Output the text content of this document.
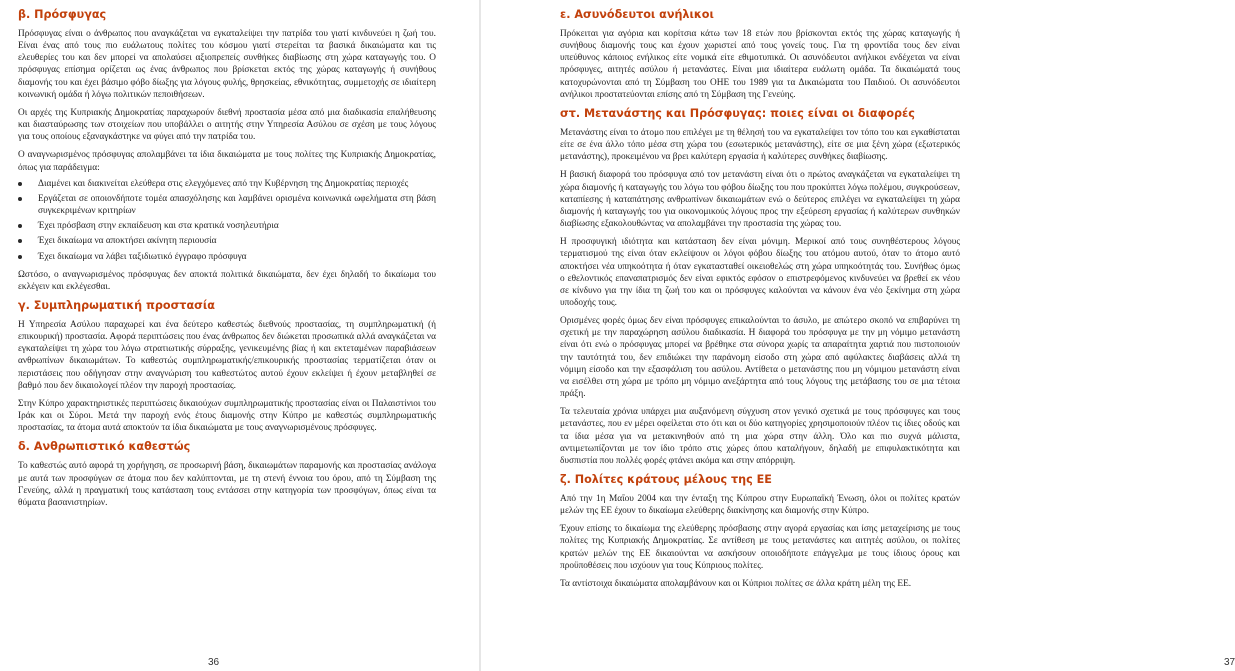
β. Πρόσφυγας

Πρόσφυγας είναι ο άνθρωπος που αναγκάζεται να εγκαταλείψει την πατρίδα του γιατί κινδυνεύει η ζωή του. Είναι ένας από τους πιο ευάλωτους πολίτες του κόσμου γιατί στερείται τα βασικά δικαιώματα και τις ελευθερίες του και δεν μπορεί να απολαύσει αξιοπρεπείς συνθήκες διαβίωσης στη χώρα καταγωγής του. Ο πρόσφυγας επίσημα ορίζεται ως ένας άνθρωπος που βρίσκεται εκτός της χώρας καταγωγής ή συνήθους διαμονής του και έχει βάσιμο φόβο δίωξης για λόγους φυλής, θρησκείας, εθνικότητας, συμμετοχής σε ιδιαίτερη κοινωνική ομάδα ή λόγω πολιτικών πεποιθήσεων.

Οι αρχές της Κυπριακής Δημοκρατίας παραχωρούν διεθνή προστασία μέσα από μια διαδικασία επαλήθευσης και διασταύρωσης των στοιχείων που υποβάλλει ο αιτητής στην Υπηρεσία Ασύλου σε σχέση με τους λόγους για τους οποίους εξαναγκάστηκε να φύγει από την πατρίδα του.

Ο αναγνωρισμένος πρόσφυγας απολαμβάνει τα ίδια δικαιώματα με τους πολίτες της Κυπριακής Δημοκρατίας, όπως για παράδειγμα:

Διαμένει και διακινείται ελεύθερα στις ελεγχόμενες από την Κυβέρνηση της Δημοκρατίας περιοχές
Εργάζεται σε οποιονδήποτε τομέα απασχόλησης και λαμβάνει ορισμένα κοινωνικά ωφελήματα στη βάση συγκεκριμένων κριτηρίων
Έχει πρόσβαση στην εκπαίδευση και στα κρατικά νοσηλευτήρια
Έχει δικαίωμα να αποκτήσει ακίνητη περιουσία
Έχει δικαίωμα να λάβει ταξιδιωτικό έγγραφο πρόσφυγα

Ωστόσο, ο αναγνωρισμένος πρόσφυγας δεν αποκτά πολιτικά δικαιώματα, δεν έχει δηλαδή το δικαίωμα του εκλέγειν και εκλέγεσθαι.

γ. Συμπληρωματική προστασία

Η Υπηρεσία Ασύλου παραχωρεί και ένα δεύτερο καθεστώς διεθνούς προστασίας, τη συμπληρωματική (ή επικουρική) προστασία. Αφορά περιπτώσεις που ένας άνθρωπος δεν διώκεται προσωπικά αλλά αναγκάζεται να εγκαταλείψει τη χώρα του λόγω στρατιωτικής σύρραξης, γενικευμένης βίας ή και εκτεταμένων παραβιάσεων ανθρωπίνων δικαιωμάτων. Το καθεστώς συμπληρωματικής/επικουρικής προστασίας τερματίζεται όταν οι περιστάσεις που οδήγησαν στην αναγνώριση του καθεστώτος αυτού έχουν εκλείψει ή έχουν μεταβληθεί σε βαθμό που δεν δικαιολογεί πλέον την παροχή προστασίας.

Στην Κύπρο χαρακτηριστικές περιπτώσεις δικαιούχων συμπληρωματικής προστασίας είναι οι Παλαιστίνιοι του Ιράκ και οι Σύροι. Μετά την παροχή ενός έτους διαμονής στην Κύπρο με καθεστώς συμπληρωματικής προστασίας, τα άτομα αυτά αποκτούν τα ίδια δικαιώματα με τους αναγνωρισμένους πρόσφυγες.

δ. Ανθρωπιστικό καθεστώς

Το καθεστώς αυτό αφορά τη χορήγηση, σε προσωρινή βάση, δικαιωμάτων παραμονής και προστασίας ανάλογα με αυτά των προσφύγων σε άτομα που δεν καλύπτονται, με τη στενή έννοια του όρου, από τη Σύμβαση της Γενεύης, αλλά η πραγματική τους κατάσταση τους εντάσσει στην κατηγορία των προσφύγων, όπως είναι τα θύματα βασανιστηρίων.

36
ε. Ασυνόδευτοι ανήλικοι

Πρόκειται για αγόρια και κορίτσια κάτω των 18 ετών που βρίσκονται εκτός της χώρας καταγωγής ή συνήθους διαμονής τους και έχουν χωριστεί από τους γονείς τους. Για τη φροντίδα τους δεν είναι υπεύθυνος κάποιος ενήλικος είτε νομικά είτε εθιμοτυπικά. Οι ασυνόδευτοι ανήλικοι ενδέχεται να είναι πρόσφυγες, αιτητές ασύλου ή μετανάστες. Είναι μια ιδιαίτερα ευάλωτη ομάδα. Τα δικαιώματά τους κατοχυρώνονται από τη Σύμβαση του ΟΗΕ του 1989 για τα Δικαιώματα του Παιδιού. Οι ασυνόδευτοι ανήλικοι προστατεύονται επίσης από τη Σύμβαση της Γενεύης.

στ. Μετανάστης και Πρόσφυγας: ποιες είναι οι διαφορές

Μετανάστης είναι το άτομο που επιλέγει με τη θέλησή του να εγκαταλείψει τον τόπο του και εγκαθίσταται είτε σε ένα άλλο τόπο μέσα στη χώρα του (εσωτερικός μετανάστης), είτε σε μια ξένη χώρα (εξωτερικός μετανάστης), προκειμένου να βρει καλύτερη εργασία ή καλύτερες συνθήκες διαβίωσης.

Η βασική διαφορά του πρόσφυγα από τον μετανάστη είναι ότι ο πρώτος αναγκάζεται να εγκαταλείψει τη χώρα διαμονής ή καταγωγής του λόγω του φόβου δίωξης του που προκύπτει λόγω πολέμου, συγκρούσεων, καταπίεσης ή καταπάτησης ανθρωπίνων δικαιωμάτων ενώ ο δεύτερος επιλέγει να εγκαταλείψει τη χώρα διαμονής ή καταγωγής του για οικονομικούς λόγους προς την εξεύρεση εργασίας ή καλύτερων συνθηκών διαβίωσης εξακολουθώντας να απολαμβάνει την προστασία της χώρας του.

Η προσφυγική ιδιότητα και κατάσταση δεν είναι μόνιμη. Μερικοί από τους συνηθέστερους λόγους τερματισμού της είναι όταν εκλείψουν οι λόγοι φόβου δίωξης του ατόμου αυτού, όταν το άτομο αυτό αποκτήσει νέα υπηκοότητα ή όταν εγκατασταθεί οικειοθελώς στη χώρα υπηκοότητάς του. Συνήθως όμως ο εθελοντικός επαναπατρισμός δεν είναι εφικτός εφόσον ο επιστρεφόμενος κινδυνεύει να βρεθεί εκ νέου σε κίνδυνο για την ίδια τη ζωή του και οι πρόσφυγες καλούνται να κάνουν ένα νέο ξεκίνημα στη χώρα υποδοχής τους.

Ορισμένες φορές όμως δεν είναι πρόσφυγες επικαλούνται το άσυλο, με απώτερο σκοπό να επιβαρύνει τη σχετική με την παραχώρηση ασύλου διαδικασία. Η διαφορά του πρόσφυγα με την μη νόμιμο μετανάστη είναι ότι ενώ ο πρόσφυγας μπορεί να βρέθηκε στα σύνορα χωρίς τα απαραίτητα χαρτιά που πιστοποιούν την ταυτότητά του, δεν επιδιώκει την παράνομη είσοδο στη χώρα από αφύλακτες διαβάσεις αλλά τη νόμιμη είσοδο και την εξασφάλιση του ασύλου. Αντίθετα ο μετανάστης που μη νόμιμου μετανάστη είναι να εισέλθει στη χώρα με τρόπο μη νόμιμο ανεξάρτητα από τους λόγους της μετάβασης του σε μια τέτοια πράξη.

Τα τελευταία χρόνια υπάρχει μια αυξανόμενη σύγχυση στον γενικό σχετικά με τους πρόσφυγες και τους μετανάστες, που εν μέρει οφείλεται στο ότι και οι δύο κατηγορίες χρησιμοποιούν πλέον τις ίδιες οδούς και τα ίδια μέσα για να μετακινηθούν από τη μια χώρα στην άλλη. Όλο και πιο συχνά μάλιστα, αντιμετωπίζονται με τον ίδιο τρόπο στις χώρες όπου καταλήγουν, δηλαδή με επιφυλακτικότητα και δυσπιστία που πολλές φορές φτάνει ακόμα και στην απόρριψη.

ζ. Πολίτες κράτους μέλους της ΕΕ

Από την 1η Μαΐου 2004 και την ένταξη της Κύπρου στην Ευρωπαϊκή Ένωση, όλοι οι πολίτες κρατών μελών της ΕΕ έχουν το δικαίωμα ελεύθερης διακίνησης και διαμονής στην Κύπρο.

Έχουν επίσης το δικαίωμα της ελεύθερης πρόσβασης στην αγορά εργασίας και ίσης μεταχείρισης με τους πολίτες της Κυπριακής Δημοκρατίας. Σε αντίθεση με τους μετανάστες και αιτητές ασύλου, οι πολίτες κρατών μελών της ΕΕ δικαιούνται να ασκήσουν οποιοδήποτε επάγγελμα με τους ίδιους όρους και προϋποθέσεις που ισχύουν για τους Κύπριους πολίτες.

Τα αντίστοιχα δικαιώματα απολαμβάνουν και οι Κύπριοι πολίτες σε άλλα κράτη μέλη της ΕΕ.

37
